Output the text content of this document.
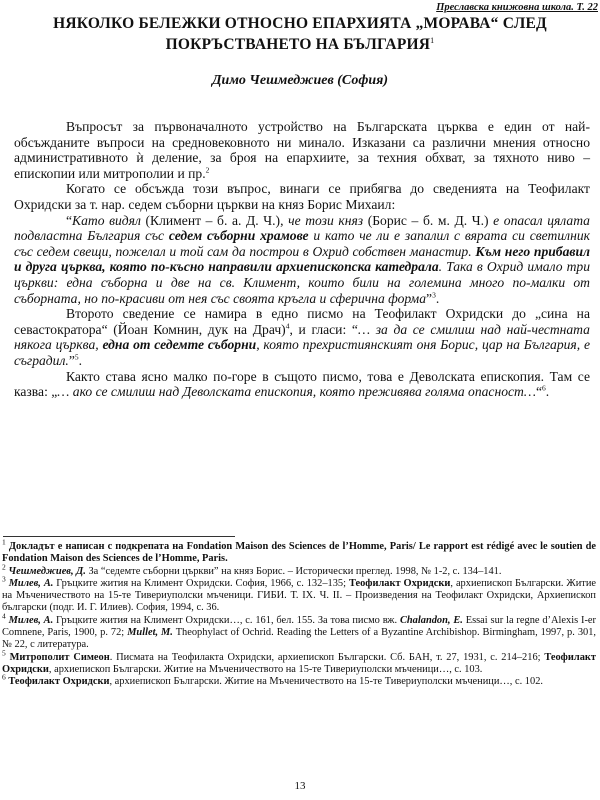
Преславска книжовна школа. Т. 22
НЯКОЛКО БЕЛЕЖКИ ОТНОСНО ЕПАРХИЯТА „МОРАВА“ СЛЕД
ПОКРЪСТВАНЕТО НА БЪЛГАРИЯ$^1$
Димо Чешмеджиев (София)

Въпросът за първоначалното устройство на Българската църква е един от най-обсъжданите въпроси на средновековното ни минало. Изказани са различни мнения относно административното ѝ деление, за броя на епархиите, за техния обхват, за тяхното ниво – епископии или митрополии и пр.$^2$

Когато се обсъжда този въпрос, винаги се прибягва до сведенията на Теофилакт Охридски за т. нар. седем съборни църкви на княз Борис Михаил:

“Като видял (Климент – б. а. Д. Ч.), че този княз (Борис – б. м. Д. Ч.) е опасал цялата подвластна България със седем съборни храмове и като че ли е запалил с вярата си светилник със седем свещи, пожелал и той сам да построи в Охрид собствен манастир. Към него прибавил и друга църква, която по-късно направили архиепископска катедрала. Така в Охрид имало три църкви: една съборна и две на св. Климент, които били на големина много по-малки от съборната, но по-красиви от нея със своята кръгла и сферична форма”$^3$.

Второто сведение се намира в едно писмо на Теофилакт Охридски до „сина на севастократора“ (Йоан Комнин, дук на Драч)$^4$, и гласи: “… за да се смилиш над най-честната някога църква, една от седемте съборни, която прехристиянският оня Борис, цар на България, е съградил.”$^5$.

Както става ясно малко по-горе в същото писмо, това е Деволската епископия. Там се казва: „… ако се смилиш над Деволската епископия, която преживява голяма опасност…“$^6$.

$^1$ Докладът е написан с подкрепата на Fondation Maison des Sciences de l’Homme, Paris/ Le rapport est rédigé avec le soutien de Fondation Maison des Sciences de l’Homme, Paris.

$^2$ Чешмеджиев, Д. За “седемте съборни църкви” на княз Борис. – Исторически преглед. 1998, № 1-2, с. 134–141.

$^3$ Милев, А. Гръцките жития на Климент Охридски. София, 1966, с. 132–135; Теофилакт Охридски, архиепископ Български. Житие на Мъченичеството на 15-те Тивериуполски мъченици. ГИБИ. Т. IX. Ч. II. – Произведения на Теофилакт Охридски, Архиепископ български (подг. И. Г. Илиев). София, 1994, с. 36.

$^4$ Милев, А. Гръцките жития на Климент Охридски…, с. 161, бел. 155. За това писмо вж. Chalandon, E. Essai sur la regne d’Alexis I-er Comnene, Paris, 1900, p. 72; Mullet, M. Theophylact of Ochrid. Reading the Letters of a Byzantine Archibishop. Birmingham, 1997, p. 301, № 22, с литература.

$^5$ Митрополит Симеон. Писмата на Теофилакта Охридски, архиепископ Български. Сб. БАН, т. 27, 1931, с. 214–216; Теофилакт Охридски, архиепископ Български. Житие на Мъченичеството на 15-те Тивериуполски мъченици…, с. 103.

$^6$ Теофилакт Охридски, архиепископ Български. Житие на Мъченичеството на 15-те Тивериуполски мъченици…, с. 102.

13
